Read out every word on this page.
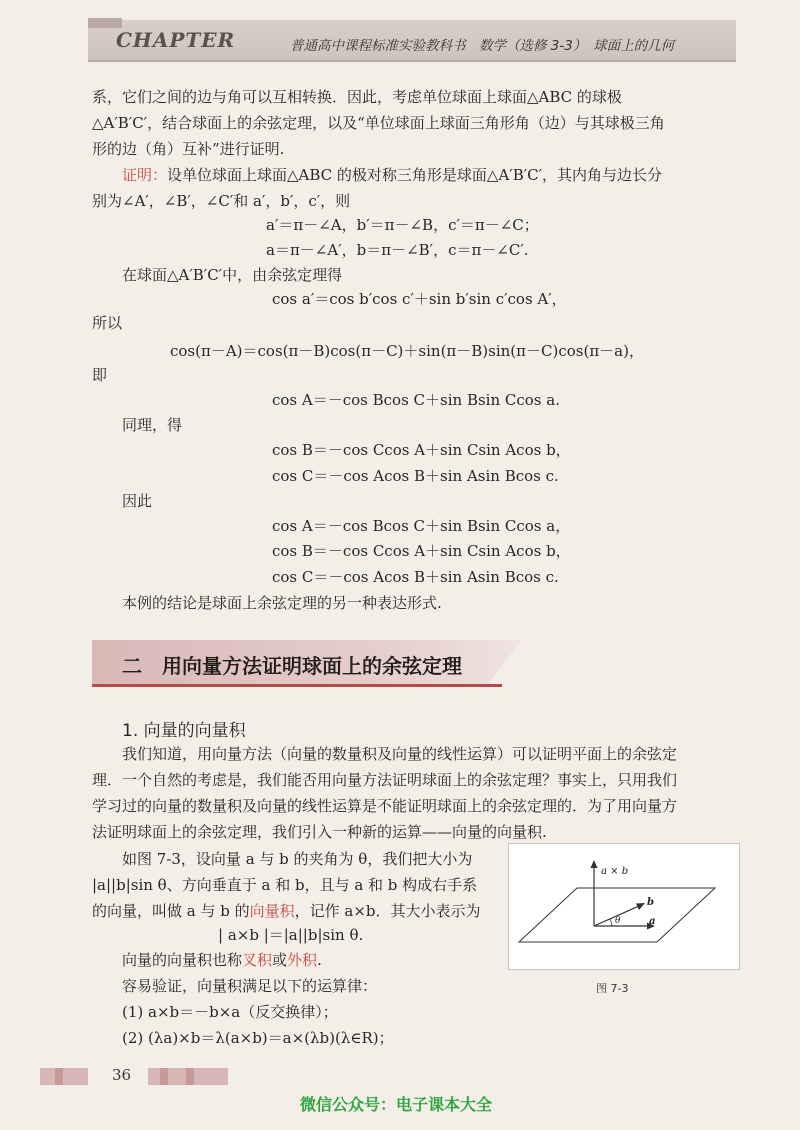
CHAPTER	普通高中课程标准实验教科书　数学（选修 3-3）　球面上的几何
系，它们之间的边与角可以互相转换．因此，考虑单位球面上球面△ABC 的球极
△A′B′C′，结合球面上的余弦定理，以及“单位球面上球面三角形角（边）与其球极三角
形的边（角）互补”进行证明.
证明：设单位球面上球面△ABC 的极对称三角形是球面△A′B′C′，其内角与边长分
别为∠A′，∠B′，∠C′和 a′，b′，c′，则
a′＝π－∠A，b′＝π－∠B，c′＝π－∠C；
a＝π－∠A′，b＝π－∠B′，c＝π－∠C′.
在球面△A′B′C′中，由余弦定理得
cos a′＝cos b′cos c′＋sin b′sin c′cos A′，
所以
cos(π－A)＝cos(π－B)cos(π－C)＋sin(π－B)sin(π－C)cos(π－a)，
即
cos A＝－cos Bcos C＋sin Bsin Ccos a.
同理，得
cos B＝－cos Ccos A＋sin Csin Acos b，
cos C＝－cos Acos B＋sin Asin Bcos c.
因此
cos A＝－cos Bcos C＋sin Bsin Ccos a，
cos B＝－cos Ccos A＋sin Csin Acos b，
cos C＝－cos Acos B＋sin Asin Bcos c.
本例的结论是球面上余弦定理的另一种表达形式.
二　用向量方法证明球面上的余弦定理
1. 向量的向量积
我们知道，用向量方法（向量的数量积及向量的线性运算）可以证明平面上的余弦定
理．一个自然的考虑是，我们能否用向量方法证明球面上的余弦定理？事实上，只用我们
学习过的向量的数量积及向量的线性运算是不能证明球面上的余弦定理的．为了用向量方
法证明球面上的余弦定理，我们引入一种新的运算——向量的向量积.
如图 7-3，设向量 a 与 b 的夹角为 θ，我们把大小为
|a||b|sin θ、方向垂直于 a 和 b，且与 a 和 b 构成右手系
的向量，叫做 a 与 b 的向量积，记作 a×b．其大小表示为
| a×b |＝|a||b|sin θ.
向量的向量积也称叉积或外积.
容易验证，向量积满足以下的运算律：
(1) a×b＝－b×a（反交换律）；
(2) (λa)×b＝λ(a×b)＝a×(λb)(λ∈R)；
a × b
b
a
θ
图 7-3
36
微信公众号：电子课本大全
